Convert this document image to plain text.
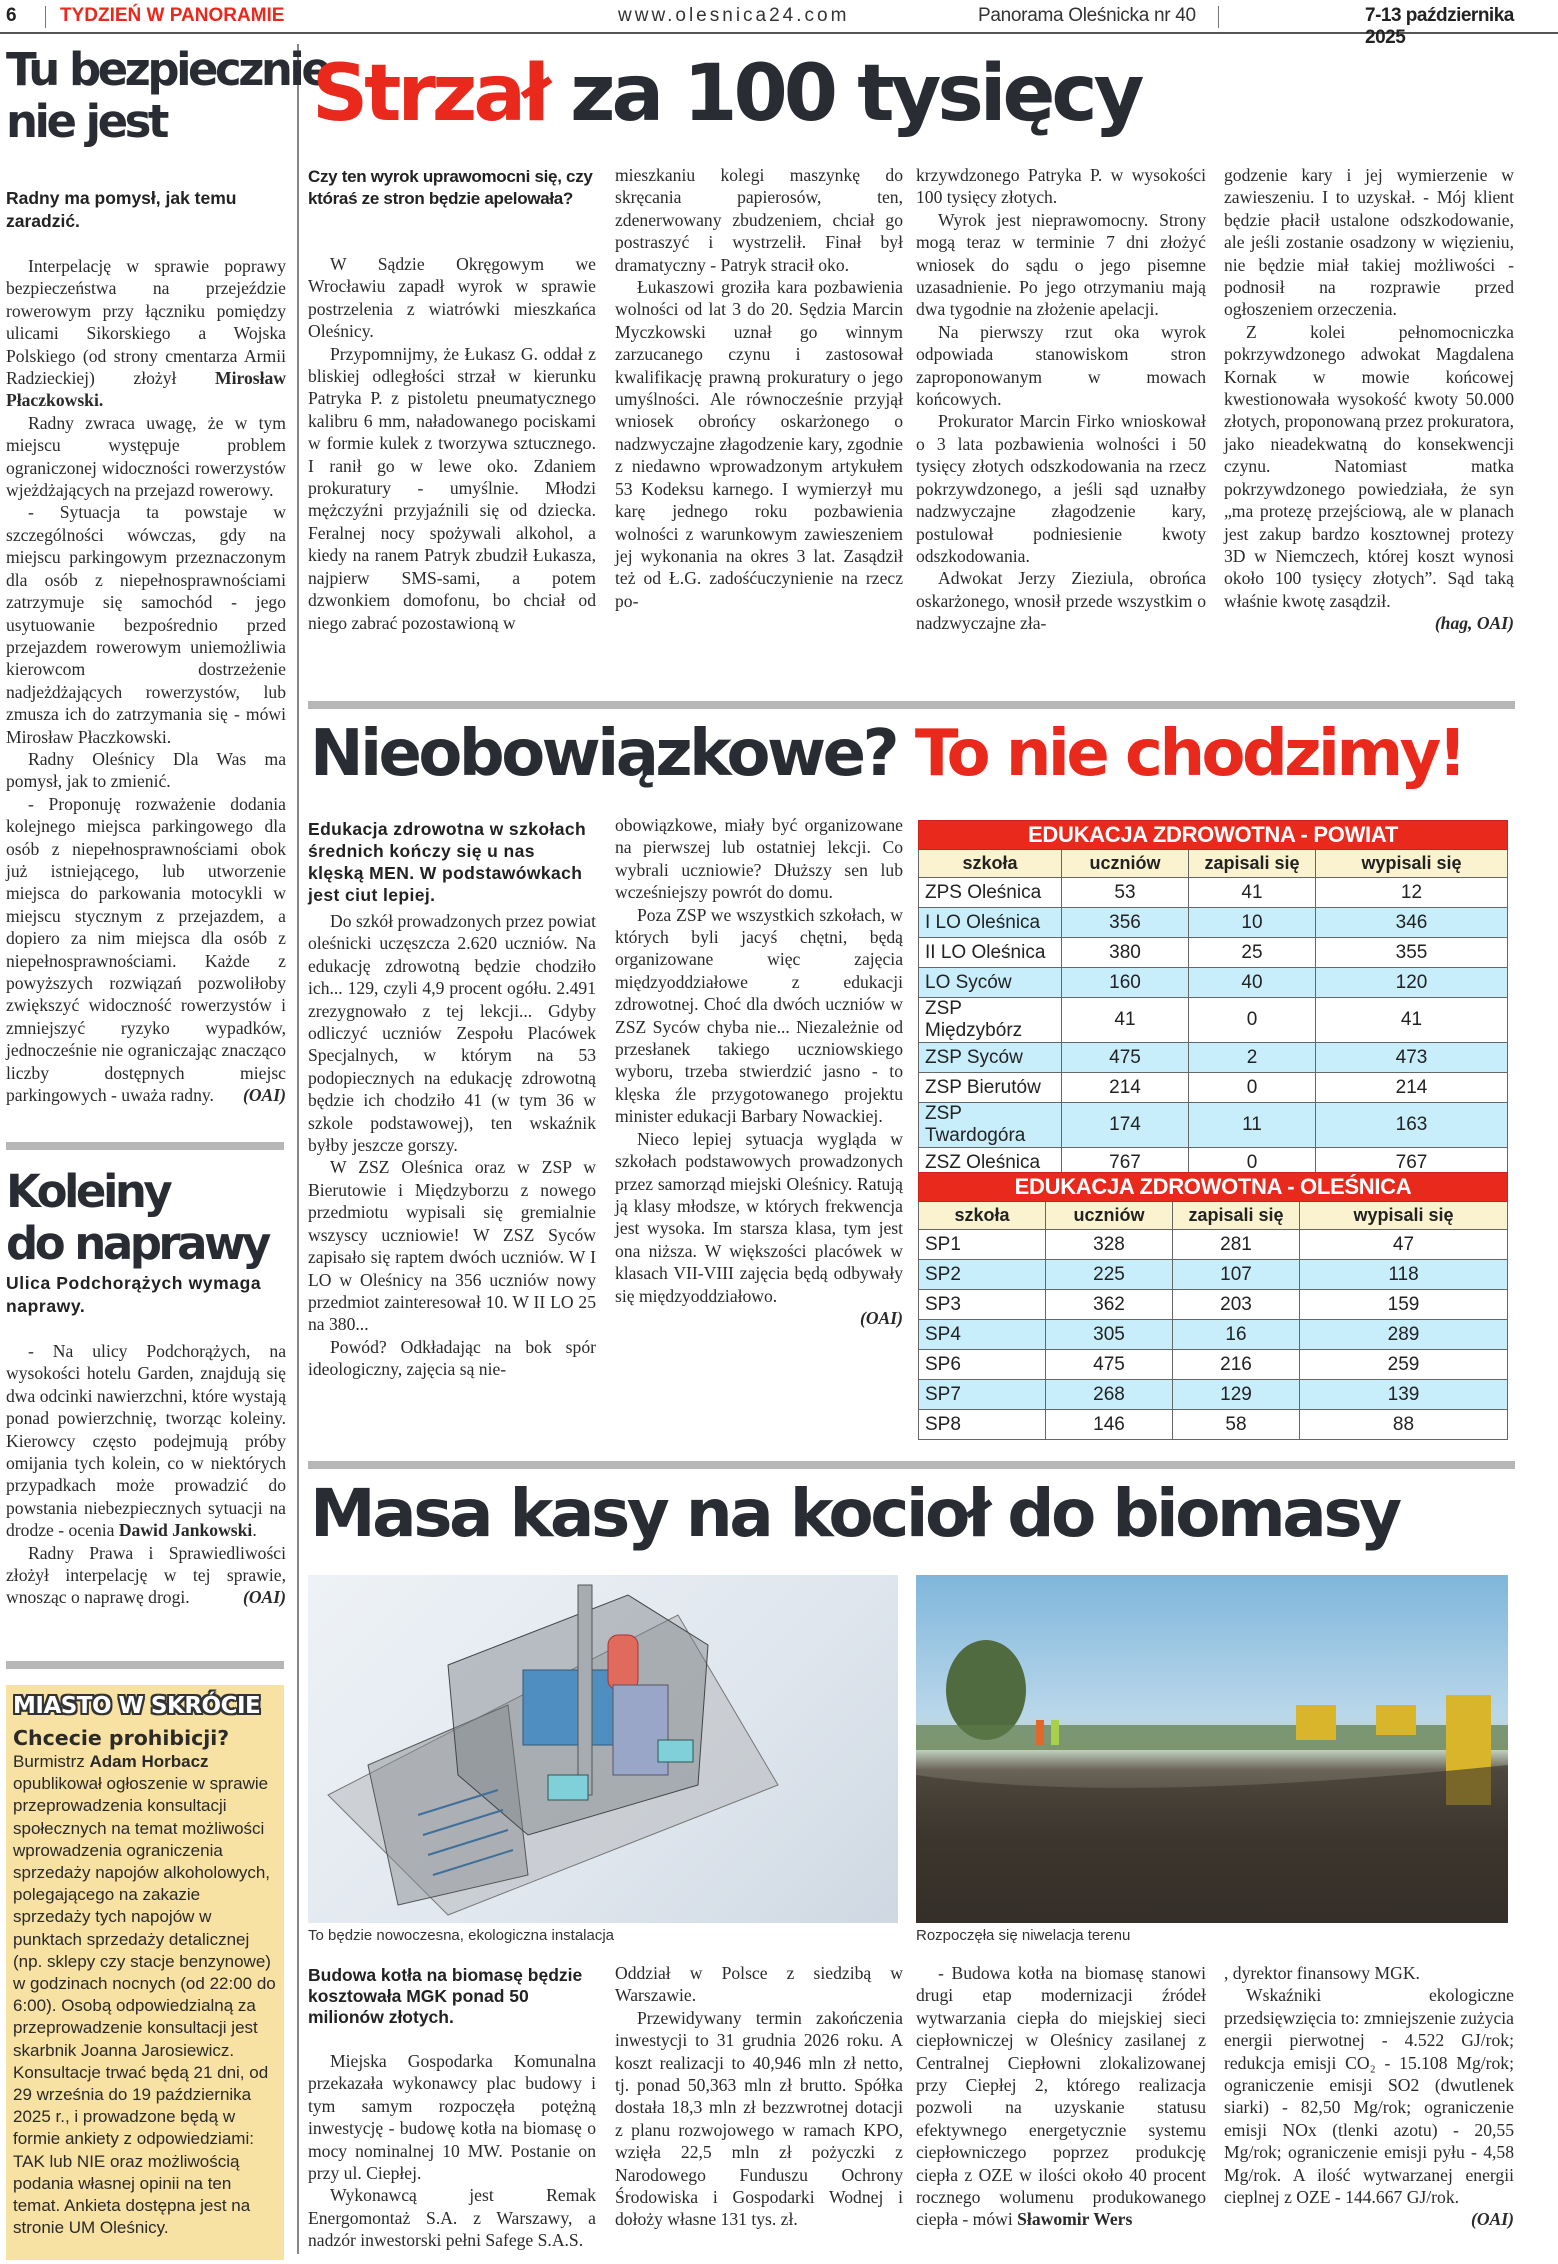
6 TYDZIEŃ W PANORAMIE	www.olesnica24.com	Panorama Oleśnicka nr 40	7-13 października 2025
Tu bezpiecznie
nie jest
Radny ma pomysł, jak temu zaradzić.

Interpelację w sprawie poprawy bezpieczeństwa na przejeździe rowerowym przy łączniku pomiędzy ulicami Sikorskiego a Wojska Polskiego (od strony cmentarza Armii Radzieckiej) złożył Mirosław Płaczkowski.

Radny zwraca uwagę, że w tym miejscu występuje problem ograniczonej widoczności rowerzystów wjeżdżających na przejazd rowerowy.

- Sytuacja ta powstaje w szczególności wówczas, gdy na miejscu parkingowym przeznaczonym dla osób z niepełnosprawnościami zatrzymuje się samochód - jego usytuowanie bezpośrednio przed przejazdem rowerowym uniemożliwia kierowcom dostrzeżenie nadjeżdżających rowerzystów, lub zmusza ich do zatrzymania się - mówi Mirosław Płaczkowski.

Radny Oleśnicy Dla Was ma pomysł, jak to zmienić.

- Proponuję rozważenie dodania kolejnego miejsca parkingowego dla osób z niepełnosprawnościami obok już istniejącego, lub utworzenie miejsca do parkowania motocykli w miejscu stycznym z przejazdem, a dopiero za nim miejsca dla osób z niepełnosprawnościami. Każde z powyższych rozwiązań pozwoliłoby zwiększyć widoczność rowerzystów i zmniejszyć ryzyko wypadków, jednocześnie nie ograniczając znacząco liczby dostępnych miejsc parkingowych - uważa radny.	(OAI)

Koleiny
do naprawy
Ulica Podchorążych wymaga naprawy.

- Na ulicy Podchorążych, na wysokości hotelu Garden, znajdują się dwa odcinki nawierzchni, które wystają ponad powierzchnię, tworząc koleiny. Kierowcy często podejmują próby omijania tych kolein, co w niektórych przypadkach może prowadzić do powstania niebezpiecznych sytuacji na drodze - ocenia Dawid Jankowski.

Radny Prawa i Sprawiedliwości złożył interpelację w tej sprawie, wnosząc o naprawę drogi.	(OAI)

MIASTO W SKRÓCIE
Chcecie prohibicji?
Burmistrz Adam Horbacz opublikował ogłoszenie w sprawie przeprowadzenia konsultacji społecznych na temat możliwości wprowadzenia ograniczenia sprzedaży napojów alkoholowych, polegającego na zakazie sprzedaży tych napojów w punktach sprzedaży detalicznej (np. sklepy czy stacje benzynowe) w godzinach nocnych (od 22:00 do 6:00). Osobą odpowiedzialną za przeprowadzenie konsultacji jest skarbnik Joanna Jarosiewicz. Konsultacje trwać będą 21 dni, od 29 września do 19 października 2025 r., i prowadzone będą w formie ankiety z odpowiedziami: TAK lub NIE oraz możliwością podania własnej opinii na ten temat. Ankieta dostępna jest na stronie UM Oleśnicy.
Strzał za 100 tysięcy
Czy ten wyrok uprawomocni się, czy któraś ze stron będzie apelowała?

W Sądzie Okręgowym we Wrocławiu zapadł wyrok w sprawie postrzelenia z wiatrówki mieszkańca Oleśnicy.

Przypomnijmy, że Łukasz G. oddał z bliskiej odległości strzał w kierunku Patryka P. z pistoletu pneumatycznego kalibru 6 mm, naładowanego pociskami w formie kulek z tworzywa sztucznego. I ranił go w lewe oko. Zdaniem prokuratury - umyślnie. Młodzi mężczyźni przyjaźnili się od dziecka. Feralnej nocy spożywali alkohol, a kiedy na ranem Patryk zbudził Łukasza, najpierw SMS-sami, a potem dzwonkiem domofonu, bo chciał od niego zabrać pozostawioną w

mieszkaniu kolegi maszynkę do skręcania papierosów, ten, zdenerwowany zbudzeniem, chciał go postraszyć i wystrzelił. Finał był dramatyczny - Patryk stracił oko.

Łukaszowi groziła kara pozbawienia wolności od lat 3 do 20. Sędzia Marcin Myczkowski uznał go winnym zarzucanego czynu i zastosował kwalifikację prawną prokuratury o jego umyślności. Ale równocześnie przyjął wniosek obrońcy oskarżonego o nadzwyczajne złagodzenie kary, zgodnie z niedawno wprowadzonym artykułem 53 Kodeksu karnego. I wymierzył mu karę jednego roku pozbawienia wolności z warunkowym zawieszeniem jej wykonania na okres 3 lat. Zasądził też od Ł.G. zadośćuczynienie na rzecz po-

krzywdzonego Patryka P. w wysokości 100 tysięcy złotych.

Wyrok jest nieprawomocny. Strony mogą teraz w terminie 7 dni złożyć wniosek do sądu o jego pisemne uzasadnienie. Po jego otrzymaniu mają dwa tygodnie na złożenie apelacji.

Na pierwszy rzut oka wyrok odpowiada stanowiskom stron zaproponowanym w mowach końcowych.

Prokurator Marcin Firko wnioskował o 3 lata pozbawienia wolności i 50 tysięcy złotych odszkodowania na rzecz pokrzywdzonego, a jeśli sąd uznałby nadzwyczajne złagodzenie kary, postulował podniesienie kwoty odszkodowania.

Adwokat Jerzy Zieziula, obrońca oskarżonego, wnosił przede wszystkim o nadzwyczajne zła-

godzenie kary i jej wymierzenie w zawieszeniu. I to uzyskał. - Mój klient będzie płacił ustalone odszkodowanie, ale jeśli zostanie osadzony w więzieniu, nie będzie miał takiej możliwości - podnosił na rozprawie przed ogłoszeniem orzeczenia.

Z kolei pełnomocniczka pokrzywdzonego adwokat Magdalena Kornak w mowie końcowej kwestionowała wysokość kwoty 50.000 złotych, proponowaną przez prokuratora, jako nieadekwatną do konsekwencji czynu. Natomiast matka pokrzywdzonego powiedziała, że syn „ma protezę przejściową, ale w planach jest zakup bardzo kosztownej protezy 3D w Niemczech, której koszt wynosi około 100 tysięcy złotych”. Sąd taką właśnie kwotę zasądził.

(hag, OAI)

Nieobowiązkowe? To nie chodzimy!
Edukacja zdrowotna w szkołach średnich kończy się u nas klęską MEN. W podstawówkach jest ciut lepiej.

Do szkół prowadzonych przez powiat oleśnicki uczęszcza 2.620 uczniów. Na edukację zdrowotną będzie chodziło ich... 129, czyli 4,9 procent ogółu. 2.491 zrezygnowało z tej lekcji... Gdyby odliczyć uczniów Zespołu Placówek Specjalnych, w którym na 53 podopiecznych na edukację zdrowotną będzie ich chodziło 41 (w tym 36 w szkole podstawowej), ten wskaźnik byłby jeszcze gorszy.

W ZSZ Oleśnica oraz w ZSP w Bierutowie i Międzyborzu z nowego przedmiotu wypisali się gremialnie wszyscy uczniowie! W ZSZ Syców zapisało się raptem dwóch uczniów. W I LO w Oleśnicy na 356 uczniów nowy przedmiot zainteresował 10. W II LO 25 na 380...

Powód? Odkładając na bok spór ideologiczny, zajęcia są nie-

obowiązkowe, miały być organizowane na pierwszej lub ostatniej lekcji. Co wybrali uczniowie? Dłuższy sen lub wcześniejszy powrót do domu.

Poza ZSP we wszystkich szkołach, w których byli jacyś chętni, będą organizowane więc zajęcia międzyoddziałowe z edukacji zdrowotnej. Choć dla dwóch uczniów w ZSZ Syców chyba nie... Niezależnie od przesłanek takiego uczniowskiego wyboru, trzeba stwierdzić jasno - to klęska źle przygotowanego projektu minister edukacji Barbary Nowackiej.

Nieco lepiej sytuacja wygląda w szkołach podstawowych prowadzonych przez samorząd miejski Oleśnicy. Ratują ją klasy młodsze, w których frekwencja jest wysoka. Im starsza klasa, tym jest ona niższa. W większości placówek w klasach VII-VIII zajęcia będą odbywały się międzyoddziałowo.

(OAI)

EDUKACJA ZDROWOTNA - POWIAT			
szkoła	uczniów	zapisali się	wypisali się
ZPS Oleśnica	53	41	12
I LO Oleśnica	356	10	346
II LO Oleśnica	380	25	355
LO Syców	160	40	120
ZSP Międzybórz	41	0	41
ZSP Syców	475	2	473
ZSP Bierutów	214	0	214
ZSP Twardogóra	174	11	163
ZSZ Oleśnica	767	0	767
EDUKACJA ZDROWOTNA - OLEŚNICA			
szkoła	uczniów	zapisali się	wypisali się
SP1	328	281	47
SP2	225	107	118
SP3	362	203	159
SP4	305	16	289
SP6	475	216	259
SP7	268	129	139
SP8	146	58	88
Masa kasy na kocioł do biomasy
To będzie nowoczesna, ekologiczna instalacja	Rozpoczęła się niwelacja terenu
Budowa kotła na biomasę będzie kosztowała MGK ponad 50 milionów złotych.

Miejska Gospodarka Komunalna przekazała wykonawcy plac budowy i tym samym rozpoczęła potężną inwestycję - budowę kotła na biomasę o mocy nominalnej 10 MW. Postanie on przy ul. Ciepłej.

Wykonawcą jest Remak Energomontaż S.A. z Warszawy, a nadzór inwestorski pełni Safege S.A.S.

Oddział w Polsce z siedzibą w Warszawie.

Przewidywany termin zakończenia inwestycji to 31 grudnia 2026 roku. A koszt realizacji to 40,946 mln zł netto, tj. ponad 50,363 mln zł brutto. Spółka dostała 18,3 mln zł bezzwrotnej dotacji z planu rozwojowego w ramach KPO, wzięła 22,5 mln zł pożyczki z Narodowego Funduszu Ochrony Środowiska i Gospodarki Wodnej i dołoży własne 131 tys. zł.

- Budowa kotła na biomasę stanowi drugi etap modernizacji źródeł wytwarzania ciepła do miejskiej sieci ciepłowniczej w Oleśnicy zasilanej z Centralnej Ciepłowni zlokalizowanej przy Ciepłej 2, którego realizacja pozwoli na uzyskanie statusu efektywnego energetycznie systemu ciepłowniczego poprzez produkcję ciepła z OZE w ilości około 40 procent rocznego wolumenu produkowanego ciepła - mówi Sławomir Wers

, dyrektor finansowy MGK.

Wskaźniki ekologiczne przedsięwzięcia to: zmniejszenie zużycia energii pierwotnej - 4.522 GJ/rok; redukcja emisji CO₂ - 15.108 Mg/rok; ograniczenie emisji SO2 (dwutlenek siarki) - 82,50 Mg/rok; ograniczenie emisji NOx (tlenki azotu) - 20,55 Mg/rok; ograniczenie emisji pyłu - 4,58 Mg/rok. A ilość wytwarzanej energii cieplnej z OZE - 144.667 GJ/rok.
(OAI)
